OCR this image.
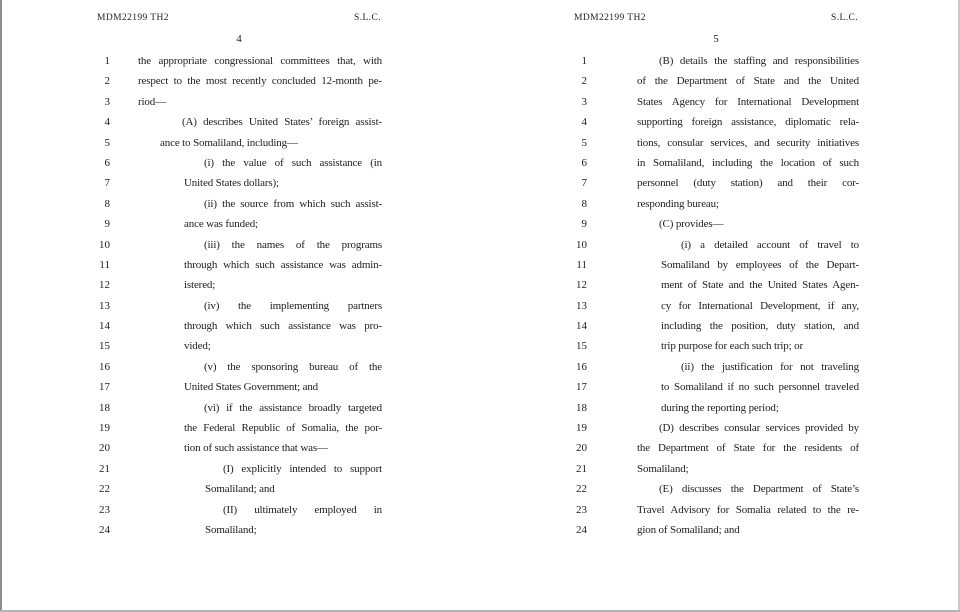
MDM22199 TH2	S.L.C.
4
1	the appropriate congressional committees that, with
2	respect to the most recently concluded 12-month pe-
3	riod—
4	(A) describes United States’ foreign assist-
5	ance to Somaliland, including—
6	(i) the value of such assistance (in
7	United States dollars);
8	(ii) the source from which such assist-
9	ance was funded;
10	(iii) the names of the programs
11	through which such assistance was admin-
12	istered;
13	(iv) the implementing partners
14	through which such assistance was pro-
15	vided;
16	(v) the sponsoring bureau of the
17	United States Government; and
18	(vi) if the assistance broadly targeted
19	the Federal Republic of Somalia, the por-
20	tion of such assistance that was—
21	(I) explicitly intended to support
22	Somaliland; and
23	(II) ultimately employed in
24	Somaliland;
MDM22199 TH2	S.L.C.
5
1	(B) details the staffing and responsibilities
2	of the Department of State and the United
3	States Agency for International Development
4	supporting foreign assistance, diplomatic rela-
5	tions, consular services, and security initiatives
6	in Somaliland, including the location of such
7	personnel (duty station) and their cor-
8	responding bureau;
9	(C) provides—
10	(i) a detailed account of travel to
11	Somaliland by employees of the Depart-
12	ment of State and the United States Agen-
13	cy for International Development, if any,
14	including the position, duty station, and
15	trip purpose for each such trip; or
16	(ii) the justification for not traveling
17	to Somaliland if no such personnel traveled
18	during the reporting period;
19	(D) describes consular services provided by
20	the Department of State for the residents of
21	Somaliland;
22	(E) discusses the Department of State’s
23	Travel Advisory for Somalia related to the re-
24	gion of Somaliland; and
